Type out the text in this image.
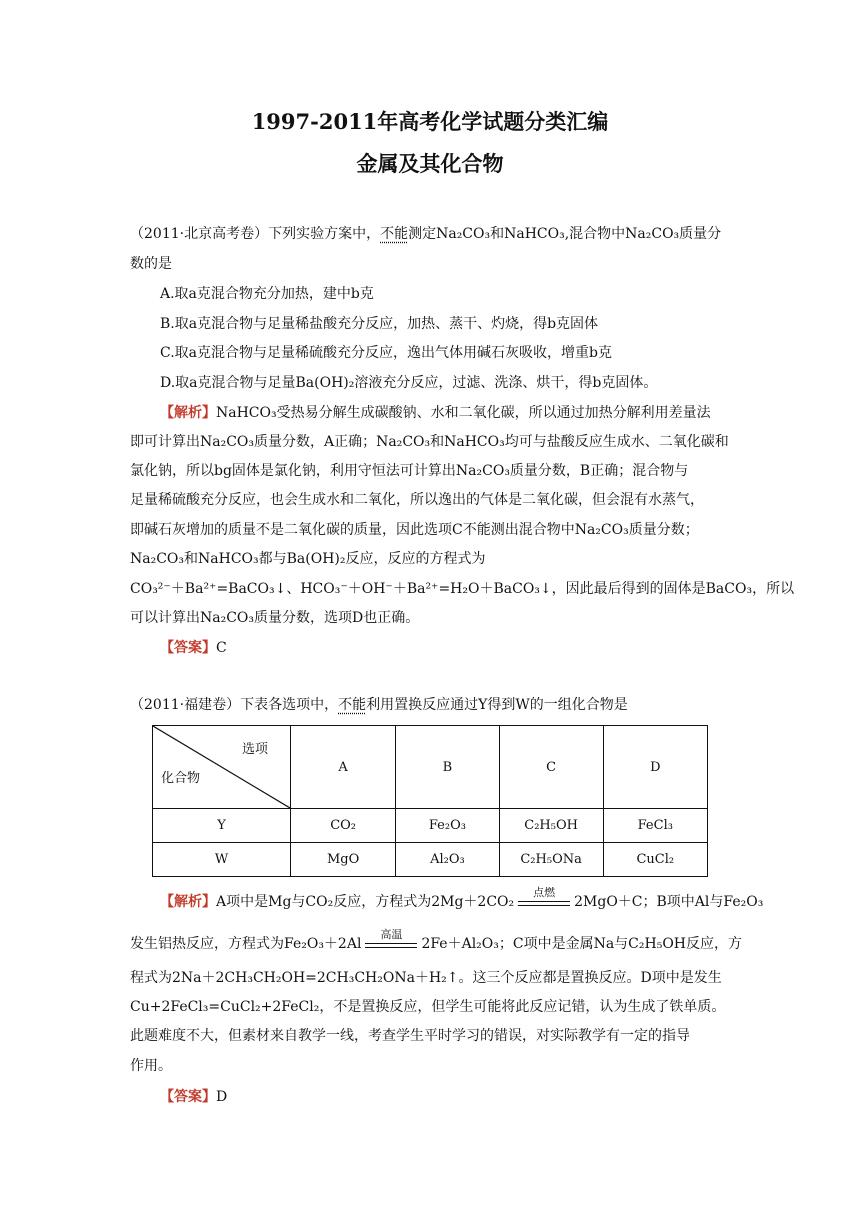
1997-2011年高考化学试题分类汇编
金属及其化合物
（2011·北京高考卷）下列实验方案中，不能测定Na₂CO₃和NaHCO₃,混合物中Na₂CO₃质量分
数的是
A.取a克混合物充分加热，建中b克
B.取a克混合物与足量稀盐酸充分反应，加热、蒸干、灼烧，得b克固体
C.取a克混合物与足量稀硫酸充分反应，逸出气体用碱石灰吸收，增重b克
D.取a克混合物与足量Ba(OH)₂溶液充分反应，过滤、洗涤、烘干，得b克固体。
【解析】NaHCO₃受热易分解生成碳酸钠、水和二氧化碳，所以通过加热分解利用差量法
即可计算出Na₂CO₃质量分数，A正确；Na₂CO₃和NaHCO₃均可与盐酸反应生成水、二氧化碳和
氯化钠，所以bg固体是氯化钠，利用守恒法可计算出Na₂CO₃质量分数，B正确；混合物与
足量稀硫酸充分反应，也会生成水和二氧化，所以逸出的气体是二氧化碳，但会混有水蒸气，
即碱石灰增加的质量不是二氧化碳的质量，因此选项C不能测出混合物中Na₂CO₃质量分数；
Na₂CO₃和NaHCO₃都与Ba(OH)₂反应，反应的方程式为
CO₃²⁻＋Ba²⁺=BaCO₃↓、HCO₃⁻＋OH⁻＋Ba²⁺=H₂O＋BaCO₃↓，因此最后得到的固体是BaCO₃，所以
可以计算出Na₂CO₃质量分数，选项D也正确。
【答案】C
（2011·福建卷）下表各选项中，不能利用置换反应通过Y得到W的一组化合物是
选项
化合物	A	B	C	D
Y	CO₂	Fe₂O₃	C₂H₅OH	FeCl₃
W	MgO	Al₂O₃	C₂H₅ONa	CuCl₂
【解析】A项中是Mg与CO₂反应，方程式为2Mg＋2CO₂
点燃
2MgO＋C；B项中Al与Fe₂O₃
发生铝热反应，方程式为Fe₂O₃＋2Al
高温
2Fe＋Al₂O₃；C项中是金属Na与C₂H₅OH反应，方
程式为2Na＋2CH₃CH₂OH=2CH₃CH₂ONa＋H₂↑。这三个反应都是置换反应。D项中是发生
Cu+2FeCl₃=CuCl₂+2FeCl₂，不是置换反应，但学生可能将此反应记错，认为生成了铁单质。
此题难度不大，但素材来自教学一线，考查学生平时学习的错误，对实际教学有一定的指导
作用。
【答案】D
